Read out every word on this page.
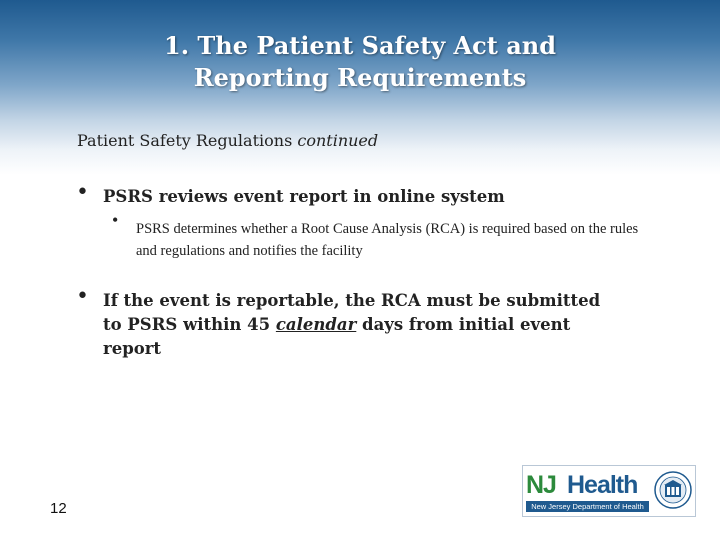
1. The Patient Safety Act and
Reporting Requirements
Patient Safety Regulations continued
• PSRS reviews event report in online system
• PSRS determines whether a Root Cause Analysis (RCA) is required based on the rules and regulations and notifies the facility
• If the event is reportable, the RCA must be submitted to PSRS within 45 calendar days from initial event report
12
NJ Health
New Jersey Department of Health
